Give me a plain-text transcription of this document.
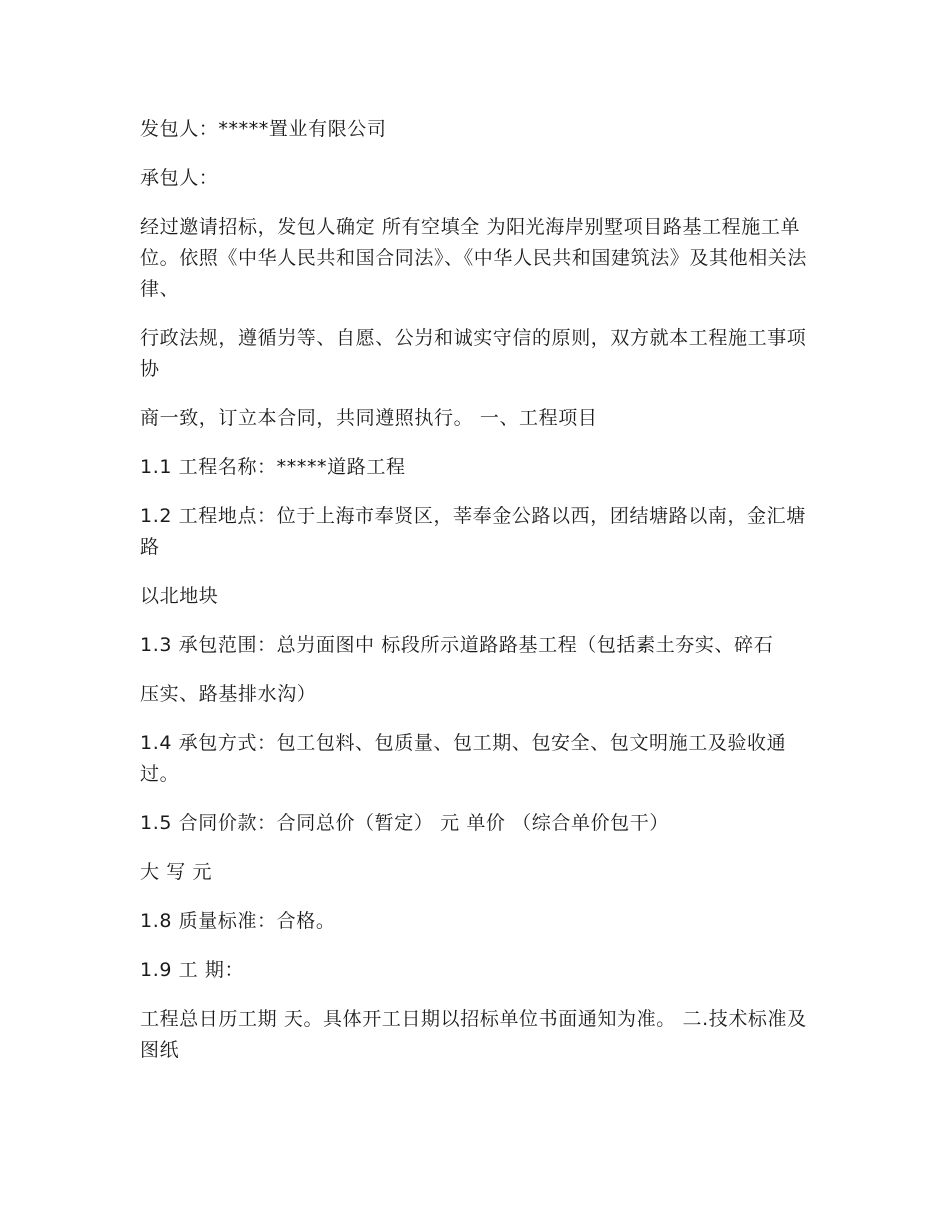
发包人：*****置业有限公司

承包人：

经过邀请招标，发包人确定 所有空填全 为阳光海岸别墅项目路基工程施工单位。依照《中华人民共和国合同法》、《中华人民共和国建筑法》及其他相关法律、

行政法规，遵循屶等、自愿、公屶和诚实守信的原则，双方就本工程施工事项协

商一致，订立本合同，共同遵照执行。 一、工程项目

1.1 工程名称：*****道路工程

1.2 工程地点：位于上海市奉贤区，莘奉金公路以西，团结塘路以南，金汇塘路

以北地块

1.3 承包范围：总屶面图中 标段所示道路路基工程（包括素土夯实、碎石

压实、路基排水沟）

1.4 承包方式：包工包料、包质量、包工期、包安全、包文明施工及验收通过。

1.5 合同价款：合同总价（暂定） 元 单价 （综合单价包干）

大 写 元

1.8 质量标准：合格。

1.9 工 期：

工程总日历工期 天。具体开工日期以招标单位书面通知为准。 二.技术标准及图纸
